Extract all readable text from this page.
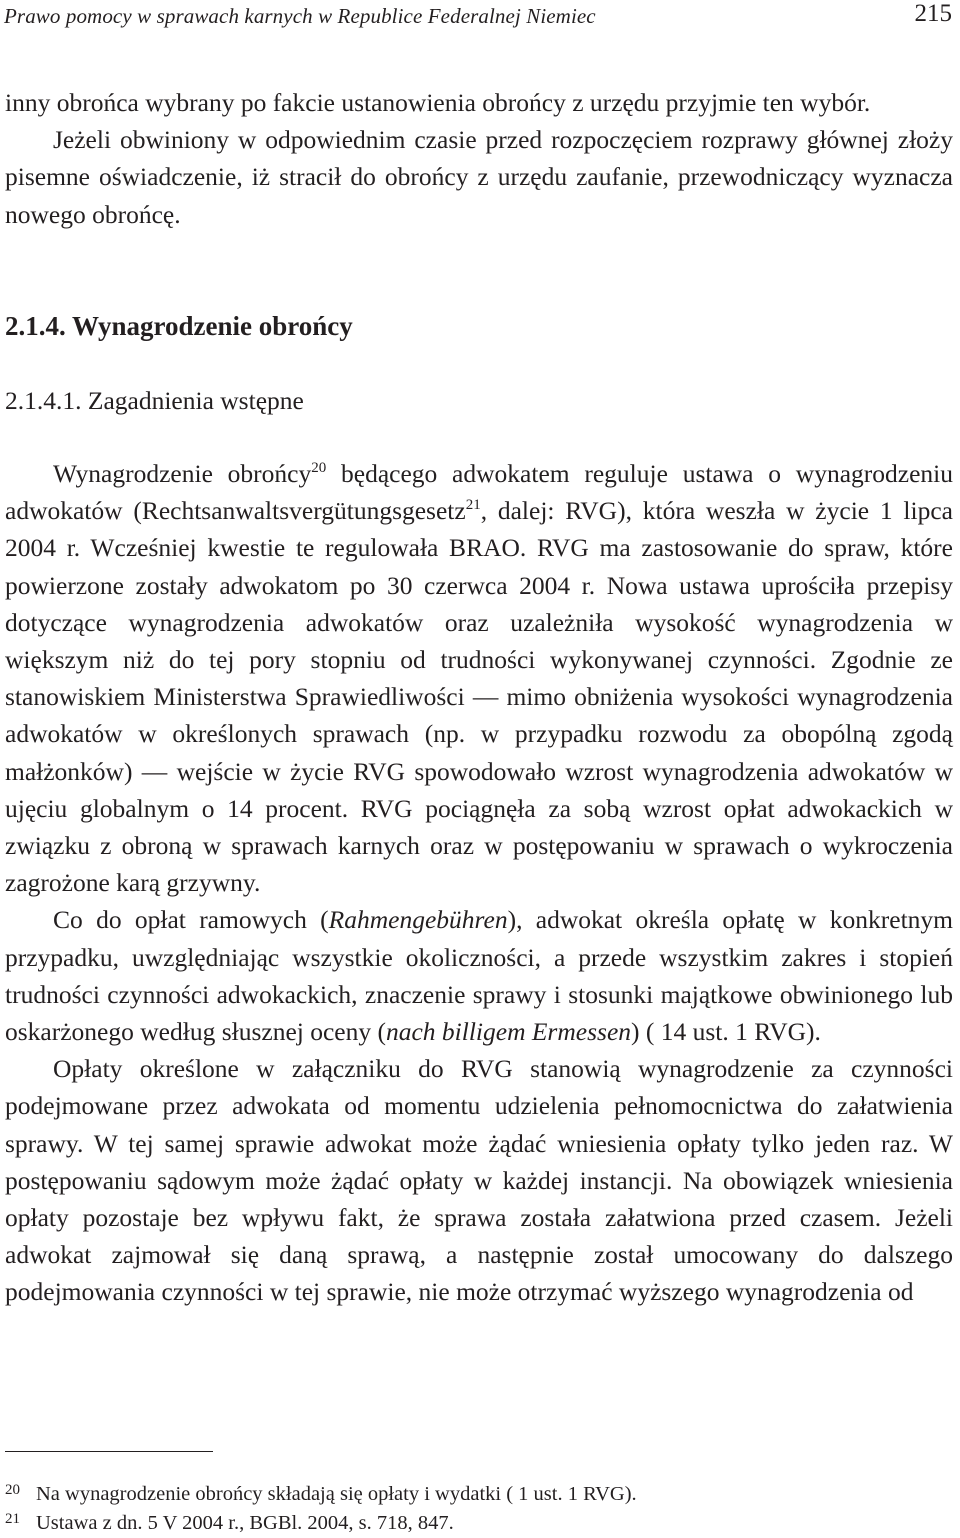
Prawo pomocy w sprawach karnych w Republice Federalnej Niemiec	215

inny obrońca wybrany po fakcie ustanowienia obrońcy z urzędu przyjmie ten wybór.

Jeżeli obwiniony w odpowiednim czasie przed rozpoczęciem rozprawy głównej złoży pisemne oświadczenie, iż stracił do obrońcy z urzędu zaufanie, przewodniczący wyznacza nowego obrońcę.

2.1.4. Wynagrodzenie obrońcy
2.1.4.1. Zagadnienia wstępne

Wynagrodzenie obrońcy$^{20}$ będącego adwokatem reguluje ustawa o wynagrodzeniu adwokatów (Rechtsanwaltsvergütungsgesetz$^{21}$, dalej: RVG), która weszła w życie 1 lipca 2004 r. Wcześniej kwestie te regulowała BRAO. RVG ma zastosowanie do spraw, które powierzone zostały adwokatom po 30 czerwca 2004 r. Nowa ustawa uprościła przepisy dotyczące wynagrodzenia adwokatów oraz uzależniła wysokość wynagrodzenia w większym niż do tej pory stopniu od trudności wykonywanej czynności. Zgodnie ze stanowiskiem Ministerstwa Sprawiedliwości — mimo obniżenia wysokości wynagrodzenia adwokatów w określonych sprawach (np. w przypadku rozwodu za obopólną zgodą małżonków) — wejście w życie RVG spowodowało wzrost wynagrodzenia adwokatów w ujęciu globalnym o 14 procent. RVG pociągnęła za sobą wzrost opłat adwokackich w związku z obroną w sprawach karnych oraz w postępowaniu w sprawach o wykroczenia zagrożone karą grzywny.

Co do opłat ramowych (Rahmengebühren), adwokat określa opłatę w konkretnym przypadku, uwzględniając wszystkie okoliczności, a przede wszystkim zakres i stopień trudności czynności adwokackich, znaczenie sprawy i stosunki majątkowe obwinionego lub oskarżonego według słusznej oceny (nach billigem Ermessen) ( 14 ust. 1 RVG).

Opłaty określone w załączniku do RVG stanowią wynagrodzenie za czynności podejmowane przez adwokata od momentu udzielenia pełnomocnictwa do załatwienia sprawy. W tej samej sprawie adwokat może żądać wniesienia opłaty tylko jeden raz. W postępowaniu sądowym może żądać opłaty w każdej instancji. Na obowiązek wniesienia opłaty pozostaje bez wpływu fakt, że sprawa została załatwiona przed czasem. Jeżeli adwokat zajmował się daną sprawą, a następnie został umocowany do dalszego podejmowania czynności w tej sprawie, nie może otrzymać wyższego wynagrodzenia od

20 Na wynagrodzenie obrońcy składają się opłaty i wydatki ( 1 ust. 1 RVG).
21 Ustawa z dn. 5 V 2004 r., BGBl. 2004, s. 718, 847.
